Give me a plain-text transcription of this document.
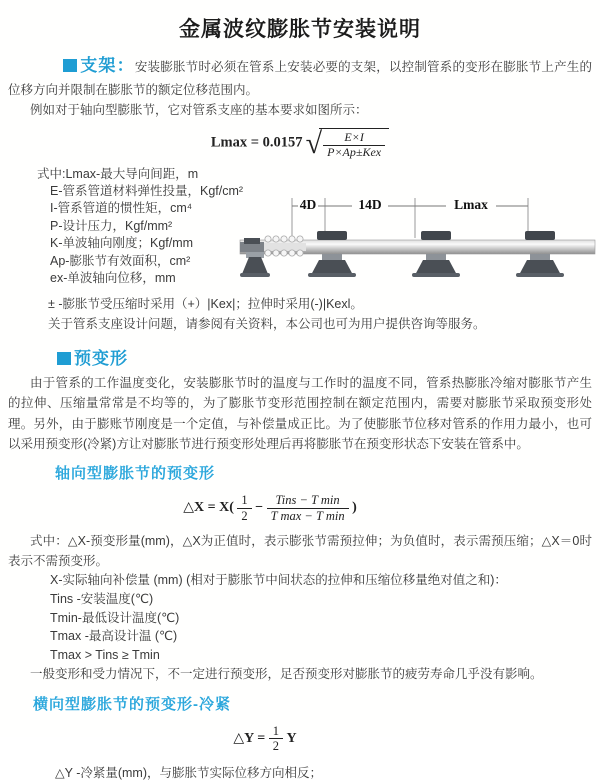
金属波纹膨胀节安装说明

支架：安装膨胀节时必须在管系上安装必要的支架，以控制管系的变形在膨胀节上产生的位移方向并限制在膨胀节的额定位移范围内。

例如对于轴向型膨胀节，它对管系支座的基本要求如图所示：

Lmax = 0.0157 √ $\frac{E\times I}{\text{P×Ap±Kex}}$
式中:Lmax-最大导向间距，m
E-管系管道材料弹性投量，Kgf/cm²
I-管系管道的惯性矩，cm⁴
P-设计压力，Kgf/mm²
K-单波轴向刚度；Kgf/mm
Ap-膨胀节有效面积，cm²
ex-单波轴向位移，mm
4D	14D	Lmax

± -膨胀节受压缩时采用（+）|Kex|；拉伸时采用(-)|Kexl。

关于管系支座设计问题，请参阅有关资料，本公司也可为用户提供咨询等服务。

预变形

由于管系的工作温度变化，安装膨胀节时的温度与工作时的温度不同，管系热膨胀冷缩对膨胀节产生的拉伸、压缩量常常是不均等的，为了膨胀节变形范围控制在额定范围内，需要对膨胀节采取预变形处理。另外，由于膨账节刚度是一个定值，与补偿量成正比。为了使膨胀节位移对管系的作用力最小，也可以采用预变形(冷紧)方让对膨胀节进行预变形处理后再将膨胀节在预变形状态下安装在管系中。

轴向型膨胀节的预变形
△X = $X( \frac{1}{2} - \frac{\text{Tins − T min}}{\text{T max − T min}}$ )

式中：△X-预变形量(mm)，△X为正值时，表示膨张节需预拉伸；为负值时，表示需预压缩；△X＝0时表示不需预变形。

X-实际轴向补偿量 (mm) (相对于膨胀节中间状态的拉伸和压缩位移量绝对值之和)：
Tins -安装温度(℃)
Tmin-最低设计温度(℃)
Tmax -最高设计温 (℃)
Tmax > Tins ≥ Tmin

一般变形和受力情况下，不一定进行预变形，足否预变形对膨胀节的疲劳寿命几乎没有影响。

横向型膨胀节的预变形-冷紧
△Y = $\frac{1}{2}$ Y

△Y -冷紧量(mm)，与膨胀节实际位移方向相反；
